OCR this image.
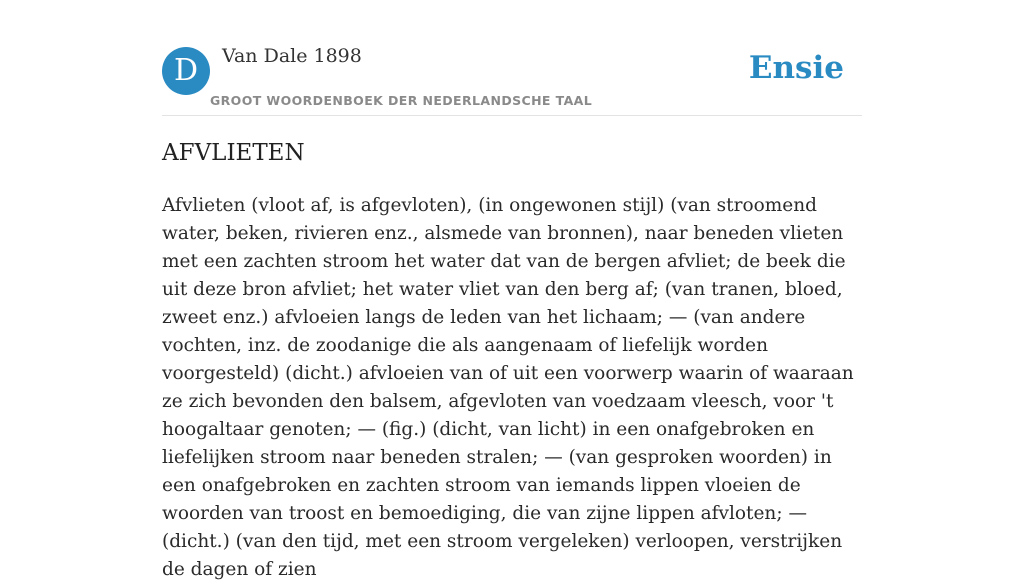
D	Van Dale 1898
GROOT WOORDENBOEK DER NEDERLANDSCHE TAAL
Ensie
AFVLIETEN

Afvlieten (vloot af, is afgevloten), (in ongewonen stijl) (van stroomend water, beken, rivieren enz., alsmede van bronnen), naar beneden vlieten met een zachten stroom het water dat van de bergen afvliet; de beek die uit deze bron afvliet; het water vliet van den berg af; (van tranen, bloed, zweet enz.) afvloeien langs de leden van het lichaam; — (van andere vochten, inz. de zoodanige die als aangenaam of liefelijk worden voorgesteld) (dicht.) afvloeien van of uit een voorwerp waarin of waaraan ze zich bevonden den balsem, afgevloten van voedzaam vleesch, voor 't hoogaltaar genoten; — (fig.) (dicht, van licht) in een onafgebroken en liefelijken stroom naar beneden stralen; — (van gesproken woorden) in een onafgebroken en zachten stroom van iemands lippen vloeien de woorden van troost en bemoediging, die van zijne lippen afvloten; — (dicht.) (van den tijd, met een stroom vergeleken) verloopen, verstrijken de dagen of zien
